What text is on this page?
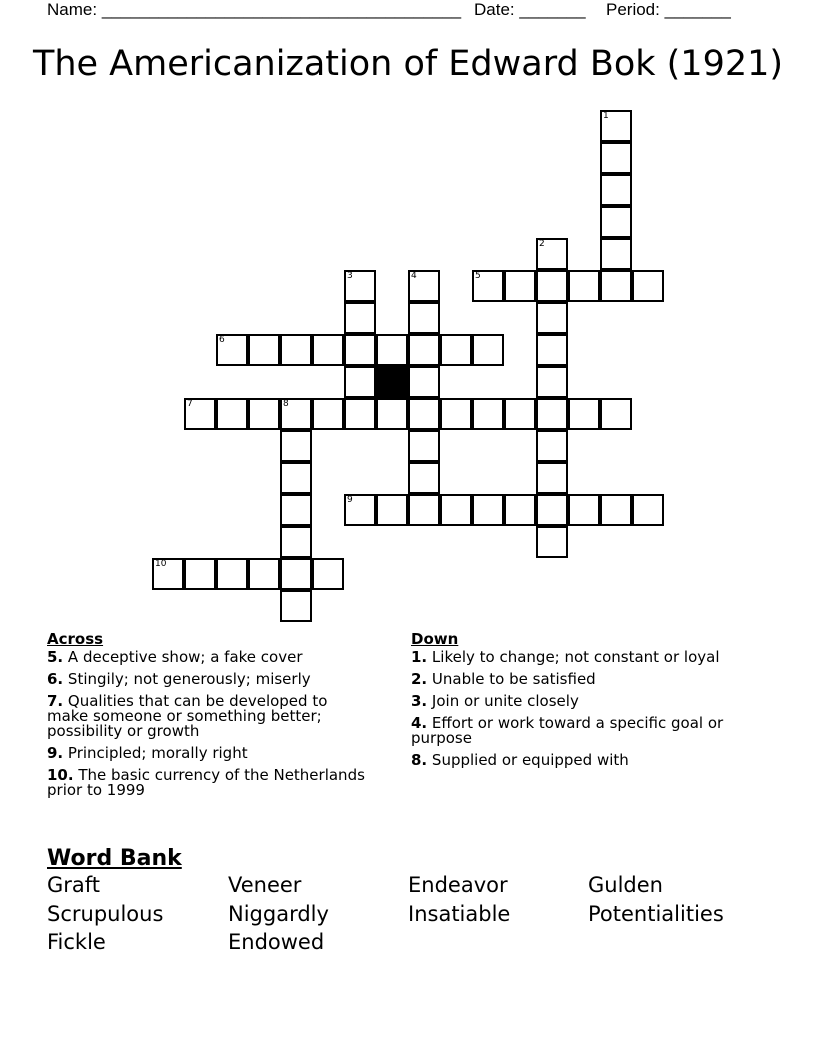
Name: ______________________________________ Date: _______ Period: _______
The Americanization of Edward Bok (1921)
1
2
3	4	5
6
7	8
9
10
Across
5. A deceptive show; a fake cover
6. Stingily; not generously; miserly
7. Qualities that can be developed to make someone or something better; possibility or growth
9. Principled; morally right
10. The basic currency of the Netherlands prior to 1999
Down
1. Likely to change; not constant or loyal
2. Unable to be satisfied
3. Join or unite closely
4. Effort or work toward a specific goal or purpose
8. Supplied or equipped with
Word Bank
Graft	Veneer	Endeavor	Gulden
Scrupulous	Niggardly	Insatiable	Potentialities
Fickle	Endowed
